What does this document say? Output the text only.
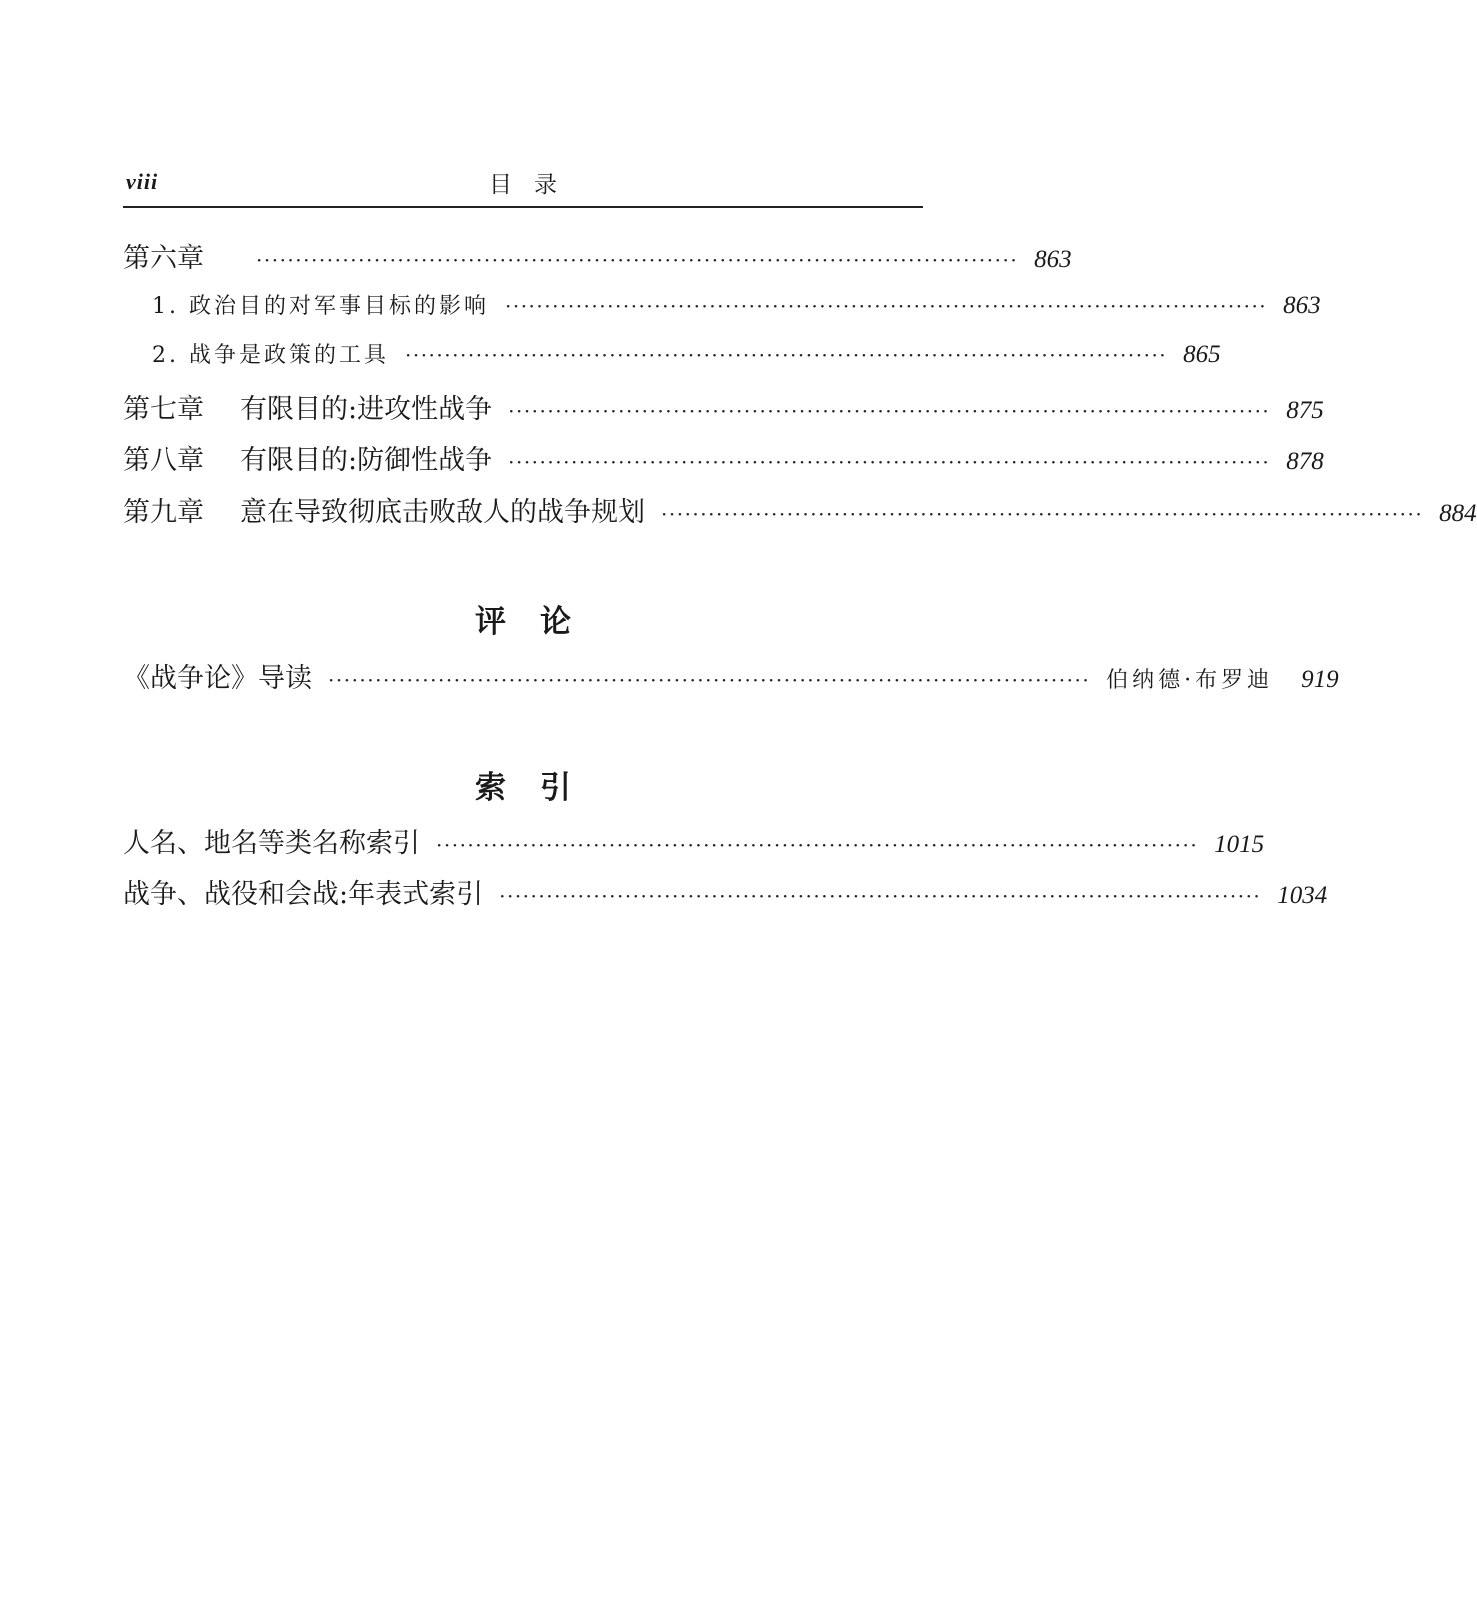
viii	目录
第六章	································································································· 863
1. 政治目的对军事目标的影响 ································································································· 863
2. 战争是政策的工具 ································································································· 865
第七章 有限目的:进攻性战争 ································································································· 875
第八章 有限目的:防御性战争 ································································································· 878
第九章 意在导致彻底击败敌人的战争规划 ································································································· 884
评论
《战争论》导读 ································································································· 伯纳德·布罗迪 919
索引
人名、地名等类名称索引 ································································································· 1015
战争、战役和会战:年表式索引 ································································································· 1034
